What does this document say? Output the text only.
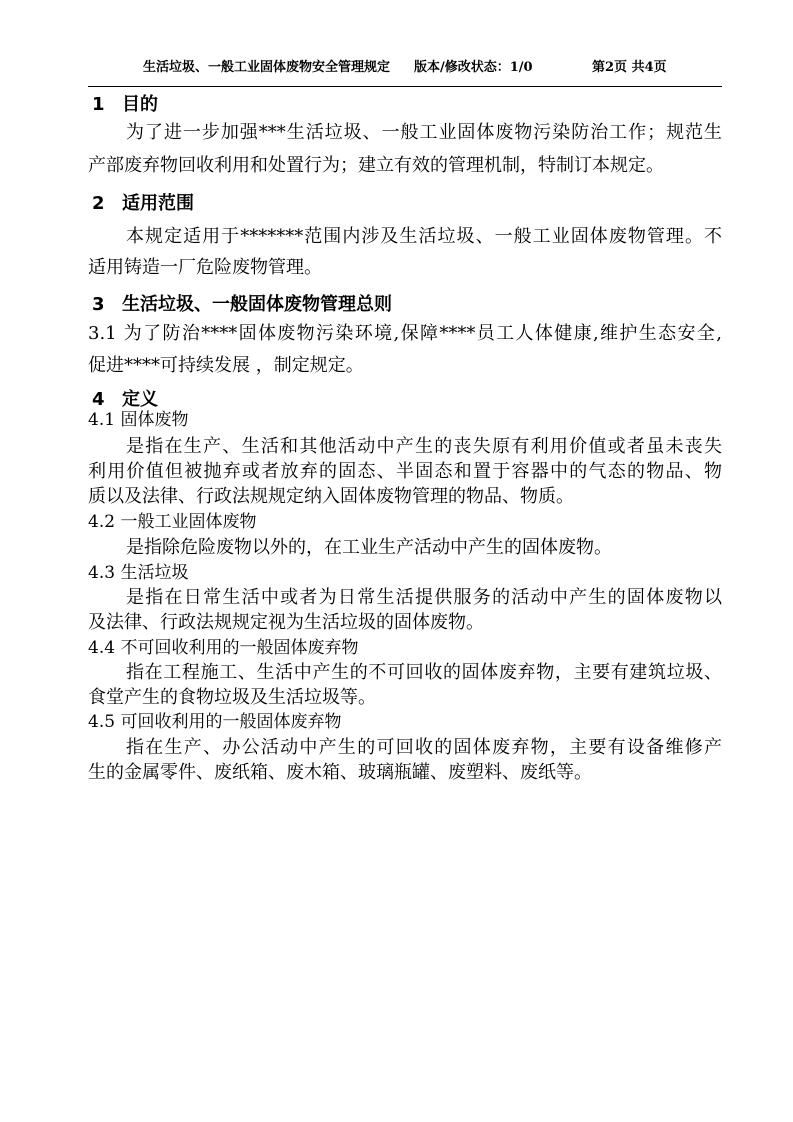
生活垃圾、一般工业固体废物安全管理规定 版本/修改状态：1/0	第2页 共4页
1 目的
为了进一步加强***生活垃圾、一般工业固体废物污染防治工作；规范生
产部废弃物回收利用和处置行为；建立有效的管理机制，特制订本规定。
2 适用范围
本规定适用于*******范围内涉及生活垃圾、一般工业固体废物管理。不
适用铸造一厂危险废物管理。
3 生活垃圾、一般固体废物管理总则
3.1 为了防治****固体废物污染环境,保障****员工人体健康,维护生态安全,
促进****可持续发展 ，制定规定。
4 定义
4.1 固体废物
是指在生产、生活和其他活动中产生的丧失原有利用价值或者虽未丧失
利用价值但被抛弃或者放弃的固态、半固态和置于容器中的气态的物品、物
质以及法律、行政法规规定纳入固体废物管理的物品、物质。
4.2 一般工业固体废物
是指除危险废物以外的，在工业生产活动中产生的固体废物。
4.3 生活垃圾
是指在日常生活中或者为日常生活提供服务的活动中产生的固体废物以
及法律、行政法规规定视为生活垃圾的固体废物。
4.4 不可回收利用的一般固体废弃物
指在工程施工、生活中产生的不可回收的固体废弃物，主要有建筑垃圾、
食堂产生的食物垃圾及生活垃圾等。
4.5 可回收利用的一般固体废弃物
指在生产、办公活动中产生的可回收的固体废弃物，主要有设备维修产
生的金属零件、废纸箱、废木箱、玻璃瓶罐、废塑料、废纸等。
